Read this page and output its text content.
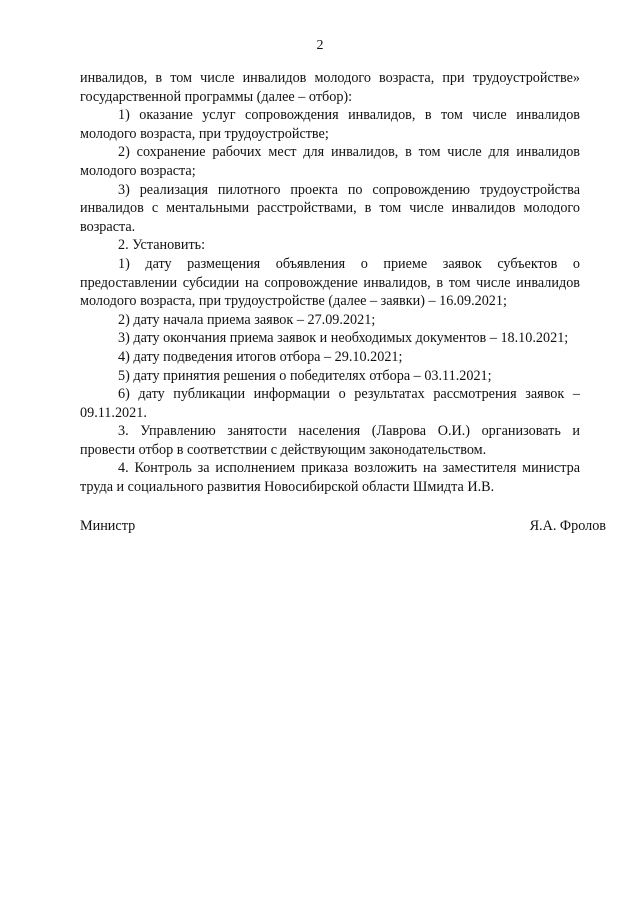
2

инвалидов, в том числе инвалидов молодого возраста, при трудоустройстве» государственной программы (далее – отбор):

1) оказание услуг сопровождения инвалидов, в том числе инвалидов молодого возраста, при трудоустройстве;

2) сохранение рабочих мест для инвалидов, в том числе для инвалидов молодого возраста;

3) реализация пилотного проекта по сопровождению трудоустройства инвалидов с ментальными расстройствами, в том числе инвалидов молодого возраста.

2. Установить:

1) дату размещения объявления о приеме заявок субъектов о предоставлении субсидии на сопровождение инвалидов, в том числе инвалидов молодого возраста, при трудоустройстве (далее – заявки) – 16.09.2021;

2) дату начала приема заявок – 27.09.2021;

3) дату окончания приема заявок и необходимых документов – 18.10.2021;

4) дату подведения итогов отбора – 29.10.2021;

5) дату принятия решения о победителях отбора – 03.11.2021;

6) дату публикации информации о результатах рассмотрения заявок – 09.11.2021.

3. Управлению занятости населения (Лаврова О.И.) организовать и провести отбор в соответствии с действующим законодательством.

4. Контроль за исполнением приказа возложить на заместителя министра труда и социального развития Новосибирской области Шмидта И.В.

Министр	Я.А. Фролов
